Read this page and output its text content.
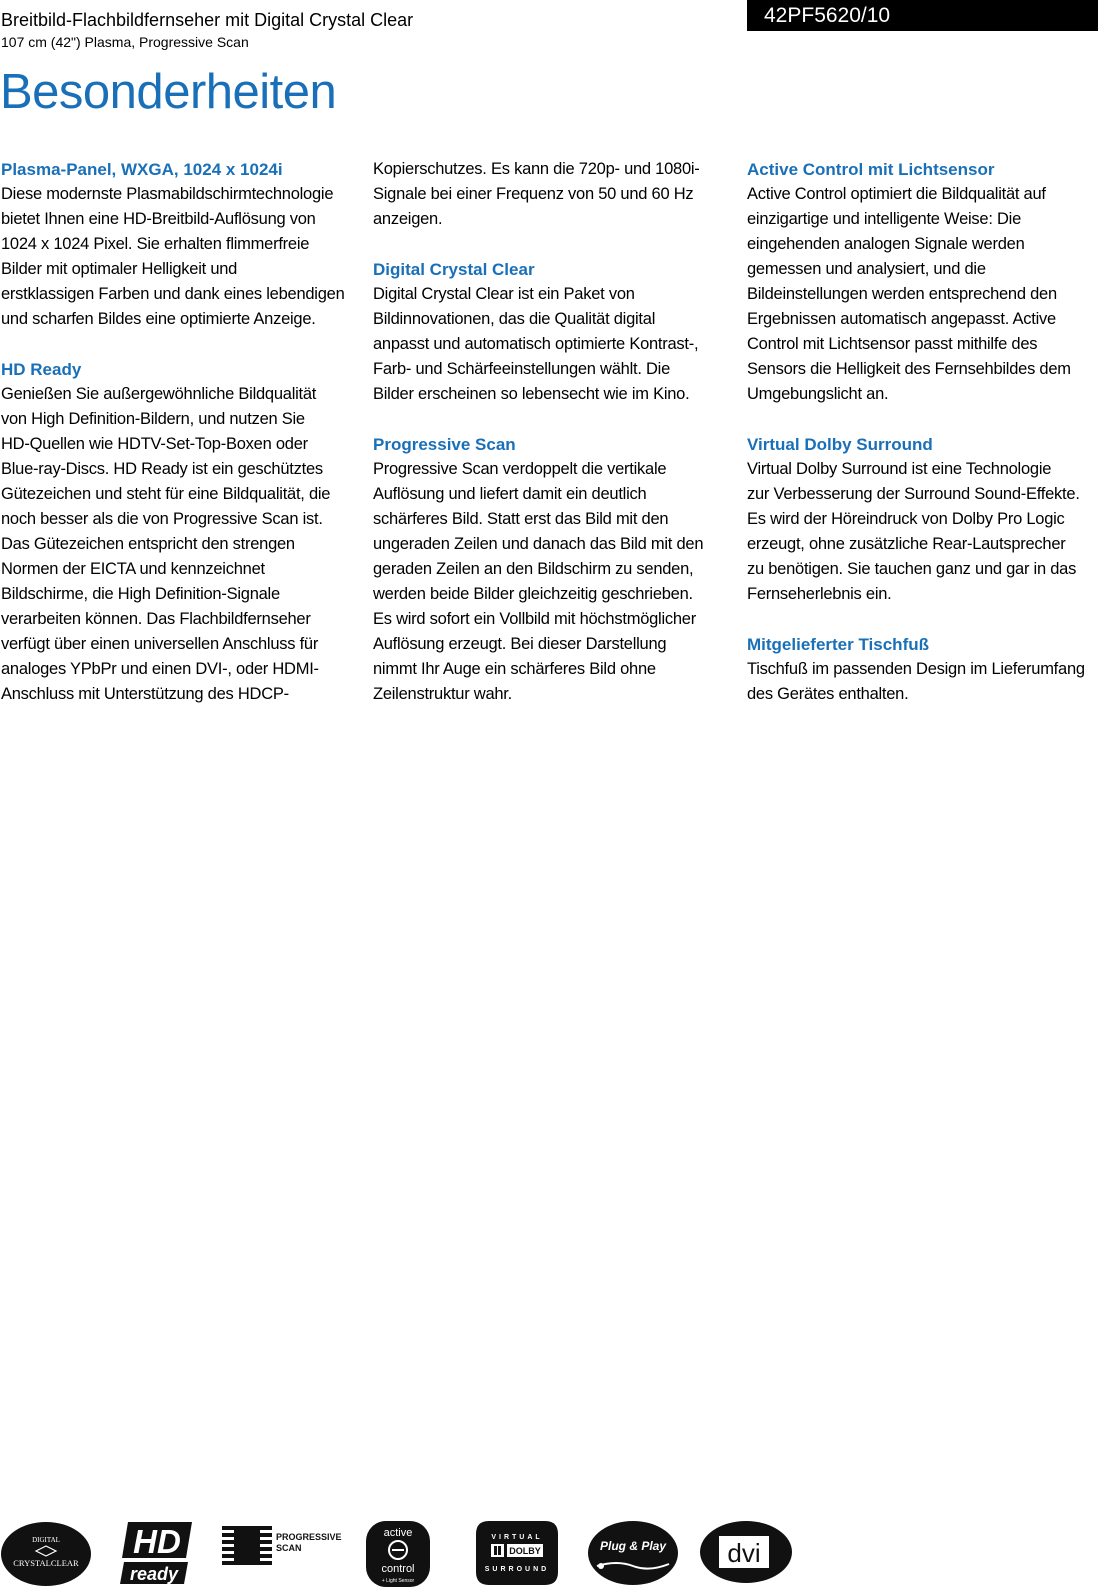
Breitbild-Flachbildfernseher mit Digital Crystal Clear
107 cm (42") Plasma, Progressive Scan
42PF5620/10
Besonderheiten

Plasma-Panel, WXGA, 1024 x 1024i

Diese modernste Plasmabildschirmtechnologie
bietet Ihnen eine HD-Breitbild-Auflösung von
1024 x 1024 Pixel. Sie erhalten flimmerfreie
Bilder mit optimaler Helligkeit und
erstklassigen Farben und dank eines lebendigen
und scharfen Bildes eine optimierte Anzeige.

HD Ready

Genießen Sie außergewöhnliche Bildqualität
von High Definition-Bildern, und nutzen Sie
HD-Quellen wie HDTV-Set-Top-Boxen oder
Blue-ray-Discs. HD Ready ist ein geschütztes
Gütezeichen und steht für eine Bildqualität, die
noch besser als die von Progressive Scan ist.
Das Gütezeichen entspricht den strengen
Normen der EICTA und kennzeichnet
Bildschirme, die High Definition-Signale
verarbeiten können. Das Flachbildfernseher
verfügt über einen universellen Anschluss für
analoges YPbPr und einen DVI-, oder HDMI-
Anschluss mit Unterstützung des HDCP-

Kopierschutzes. Es kann die 720p- und 1080i-
Signale bei einer Frequenz von 50 und 60 Hz
anzeigen.

Digital Crystal Clear

Digital Crystal Clear ist ein Paket von
Bildinnovationen, das die Qualität digital
anpasst und automatisch optimierte Kontrast-,
Farb- und Schärfeeinstellungen wählt. Die
Bilder erscheinen so lebensecht wie im Kino.

Progressive Scan

Progressive Scan verdoppelt die vertikale
Auflösung und liefert damit ein deutlich
schärferes Bild. Statt erst das Bild mit den
ungeraden Zeilen und danach das Bild mit den
geraden Zeilen an den Bildschirm zu senden,
werden beide Bilder gleichzeitig geschrieben.
Es wird sofort ein Vollbild mit höchstmöglicher
Auflösung erzeugt. Bei dieser Darstellung
nimmt Ihr Auge ein schärferes Bild ohne
Zeilenstruktur wahr.

Active Control mit Lichtsensor

Active Control optimiert die Bildqualität auf
einzigartige und intelligente Weise: Die
eingehenden analogen Signale werden
gemessen und analysiert, und die
Bildeinstellungen werden entsprechend den
Ergebnissen automatisch angepasst. Active
Control mit Lichtsensor passt mithilfe des
Sensors die Helligkeit des Fernsehbildes dem
Umgebungslicht an.

Virtual Dolby Surround

Virtual Dolby Surround ist eine Technologie
zur Verbesserung der Surround Sound-Effekte.
Es wird der Höreindruck von Dolby Pro Logic
erzeugt, ohne zusätzliche Rear-Lautsprecher
zu benötigen. Sie tauchen ganz und gar in das
Fernseherlebnis ein.

Mitgelieferter Tischfuß

Tischfuß im passenden Design im Lieferumfang
des Gerätes enthalten.

DIGITAL
CRYSTALCLEAR
HD
ready
PROGRESSIVE
SCAN
active
control
+ Light Sensor
VIRTUAL
DOLBY
SURROUND
Plug & Play dvi
